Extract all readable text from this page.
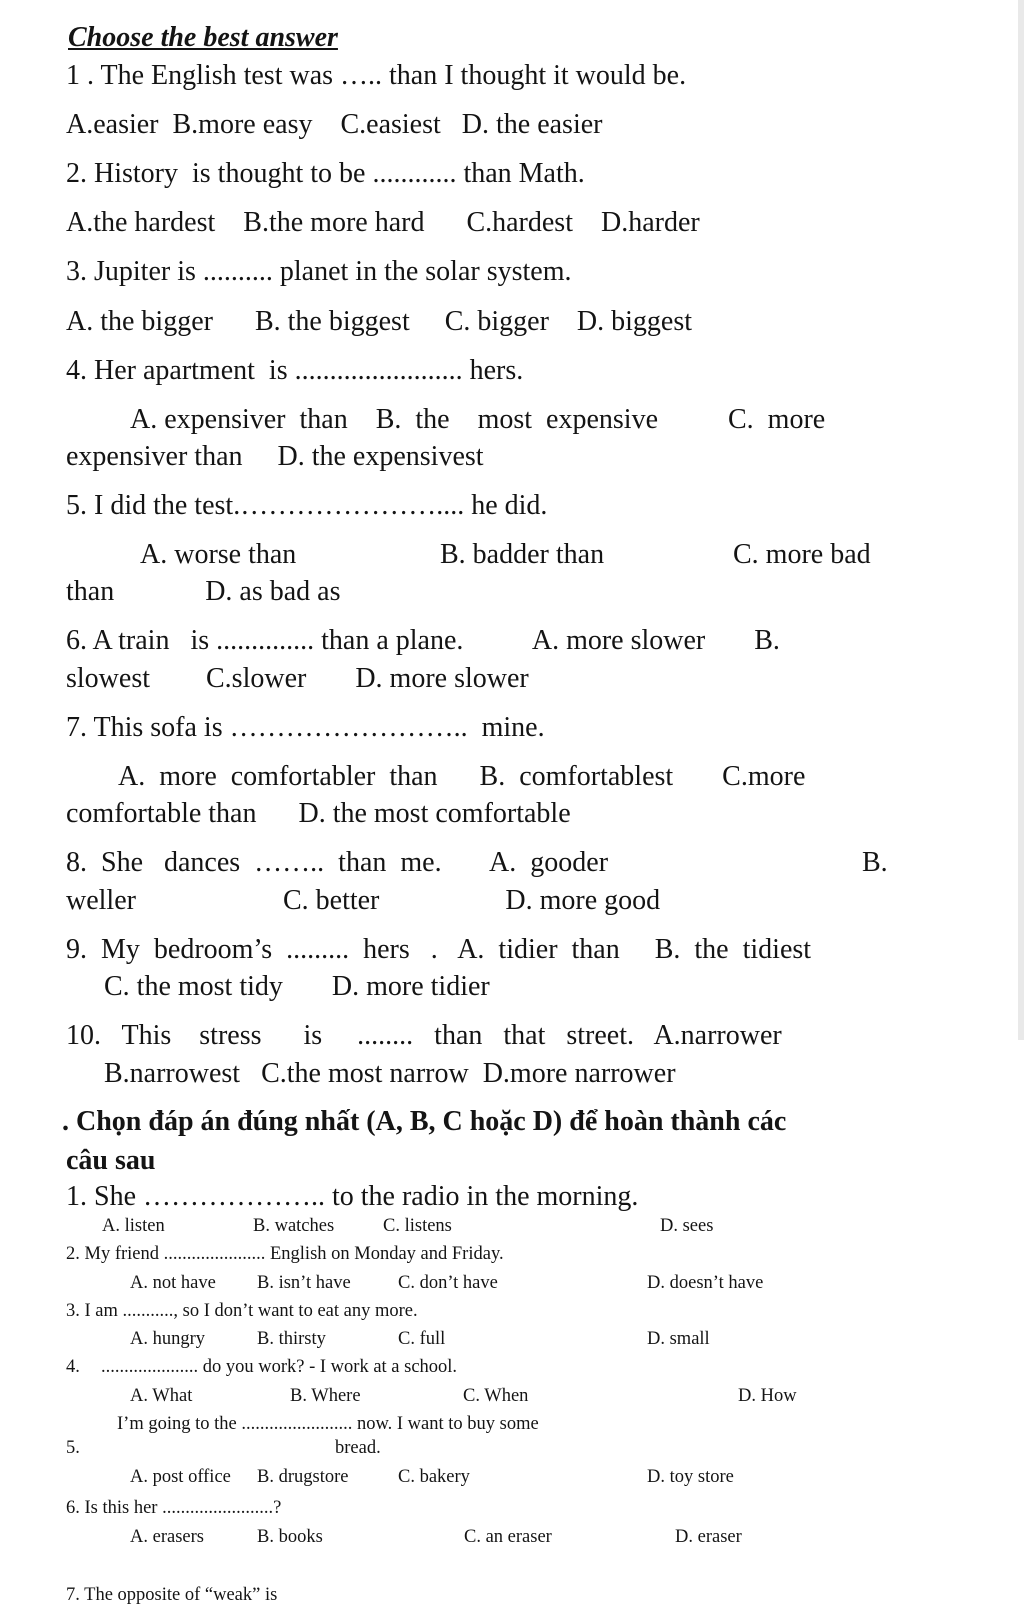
Choose the best answer
1 . The English test was ….. than I thought it would be.
A.easier  B.more easy    C.easiest   D. the easier
2. History  is thought to be ............ than Math.
A.the hardest    B.the more hard      C.hardest    D.harder
3. Jupiter is .......... planet in the solar system.
A. the bigger      B. the biggest     C. bigger    D. biggest
4. Her apartment  is ........................ hers.
A. expensiver  than    B.  the    most  expensive          C.  more
expensiver than     D. the expensivest
5. I did the test.………………….... he did.
A. worse than	B. badder than	C. more bad
than             D. as bad as
6. A train   is .............. than a plane.          A. more slower       B.
slowest        C.slower       D. more slower
7. This sofa is ……………………..  mine.
A.  more  comfortabler  than      B.  comfortablest       C.more
comfortable than      D. the most comfortable
8.  She   dances  ……..  than  me.       A.  gooder	B.
weller                     C. better                  D. more good
9.  My  bedroom’s  .........  hers   .   A.  tidier  than     B.  the  tidiest
C. the most tidy       D. more tidier
10.   This    stress      is     ........   than   that   street.   A.narrower
B.narrowest   C.the most narrow  D.more narrower
. Chọn đáp án đúng nhất (A, B, C hoặc D) để hoàn thành các
câu sau
1. She ……………….. to the radio in the morning.
A. listen	B. watches	C. listens	D. sees
2. My friend ...................... English on Monday and Friday.
A. not have B. isn’t have	C. don’t have	D. doesn’t have
3. I am ..........., so I don’t want to eat any more.
A. hungry	B. thirsty	C. full	D. small
4. ..................... do you work? - I work at a school.
A. What	B. Where	C. When	D. How
I’m going to the ........................ now. I want to buy some
5.	bread.
A. post office B. drugstore	C. bakery	D. toy store
6. Is this her ........................?
A. erasers	B. books	C. an eraser	D. eraser
7. The opposite of “weak” is
